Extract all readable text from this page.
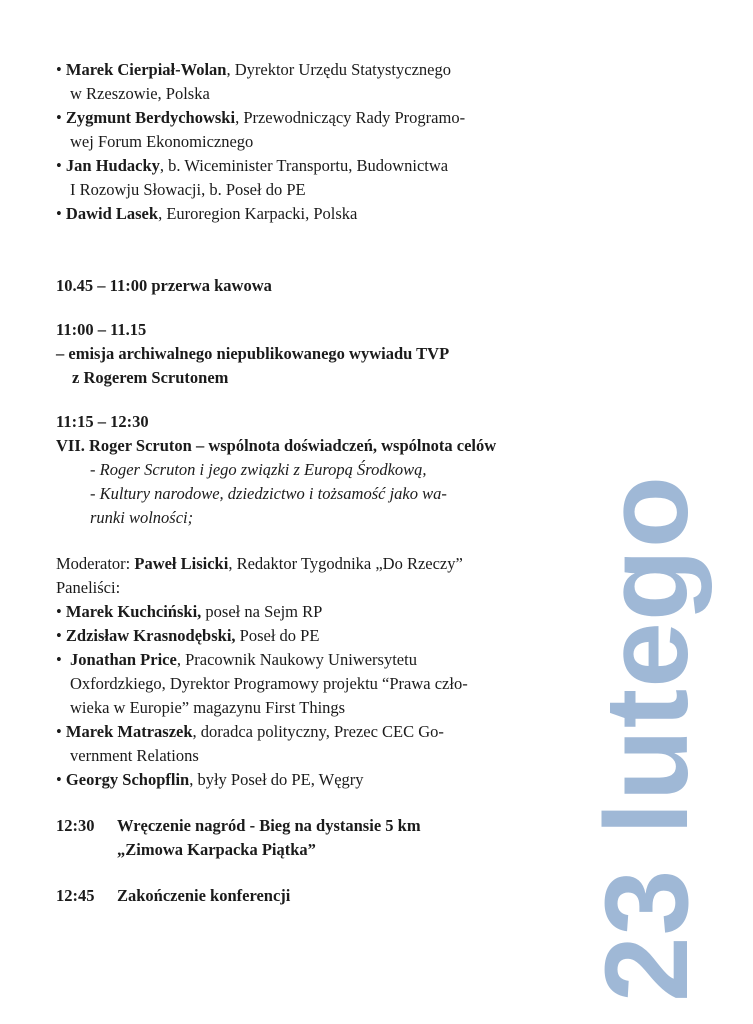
• Marek Cierpiał-Wolan, Dyrektor Urzędu Statystycznego
w Rzeszowie, Polska
• Zygmunt Berdychowski, Przewodniczący Rady Programo-
wej Forum Ekonomicznego
• Jan Hudacky, b. Wiceminister Transportu, Budownictwa
I Rozowju Słowacji, b. Poseł do PE
• Dawid Lasek, Euroregion Karpacki, Polska
10.45 – 11:00 przerwa kawowa
11:00 – 11.15
– emisja archiwalnego niepublikowanego wywiadu TVP
z Rogerem Scrutonem
11:15 – 12:30
VII. Roger Scruton – wspólnota doświadczeń, wspólnota celów
- Roger Scruton i jego związki z Europą Środkową,
- Kultury narodowe, dziedzictwo i tożsamość jako wa-
runki wolności;
Moderator: Paweł Lisicki, Redaktor Tygodnika „Do Rzeczy”
Paneliści:
• Marek Kuchciński, poseł na Sejm RP
• Zdzisław Krasnodębski, Poseł do PE
• Jonathan Price, Pracownik Naukowy Uniwersytetu
Oxfordzkiego, Dyrektor Programowy projektu “Prawa czło-
wieka w Europie” magazynu First Things
• Marek Matraszek, doradca polityczny, Prezec CEC Go-
vernment Relations
• Georgy Schopflin, były Poseł do PE, Węgry
12:30	Wręczenie nagród - Bieg na dystansie 5 km
„Zimowa Karpacka Piątka”
12:45	Zakończenie konferencji 23 lutego
